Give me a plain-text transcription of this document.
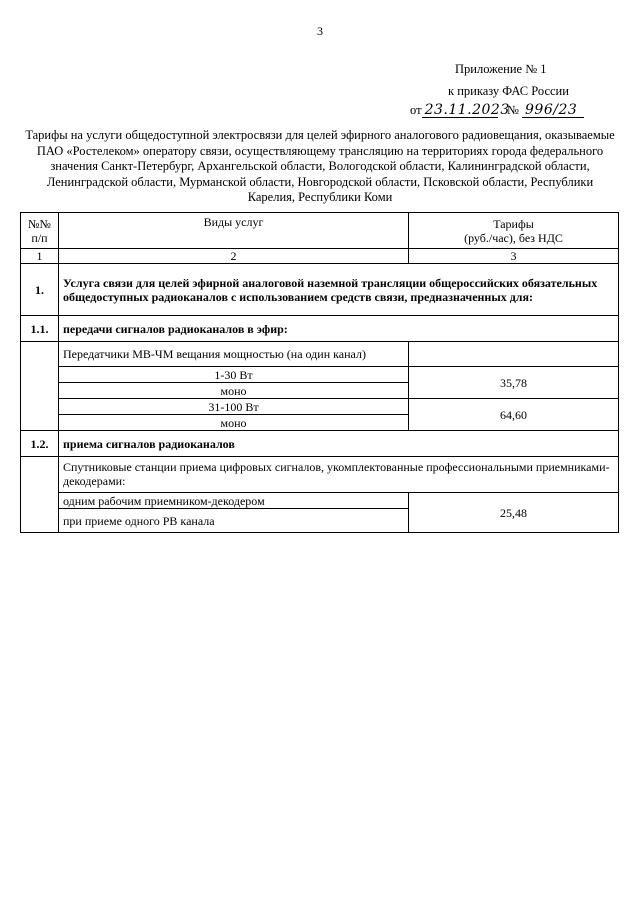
3
Приложение № 1
к приказу ФАС России
от 23.11.2023   № 996/23
Тарифы на услуги общедоступной электросвязи для целей эфирного аналогового радиовещания, оказываемые ПАО «Ростелеком» оператору связи, осуществляющему трансляцию на территориях города федерального значения Санкт-Петербург, Архангельской области, Вологодской области, Калининградской области, Ленинградской области, Мурманской области, Новгородской области, Псковской области, Республики Карелия, Республики Коми
№№
п/п	Виды услуг	Тарифы
(руб./час), без НДС
1	2	3
1.	Услуга связи для целей эфирной аналоговой наземной трансляции общероссийских обязательных общедоступных радиоканалов с использованием средств связи, предназначенных для:	
1.1.	передачи сигналов радиоканалов в эфир:	
	Передатчики МВ-ЧМ вещания мощностью (на один канал)	
	1-30 Вт	35,78
	моно	
	31-100 Вт	64,60
	моно	
1.2.	приема сигналов радиоканалов	
	Спутниковые станции приема цифровых сигналов, укомплектованные профессиональными приемниками-декодерами:	
	одним рабочим приемником-декодером	25,48
	при приеме одного РВ канала	
